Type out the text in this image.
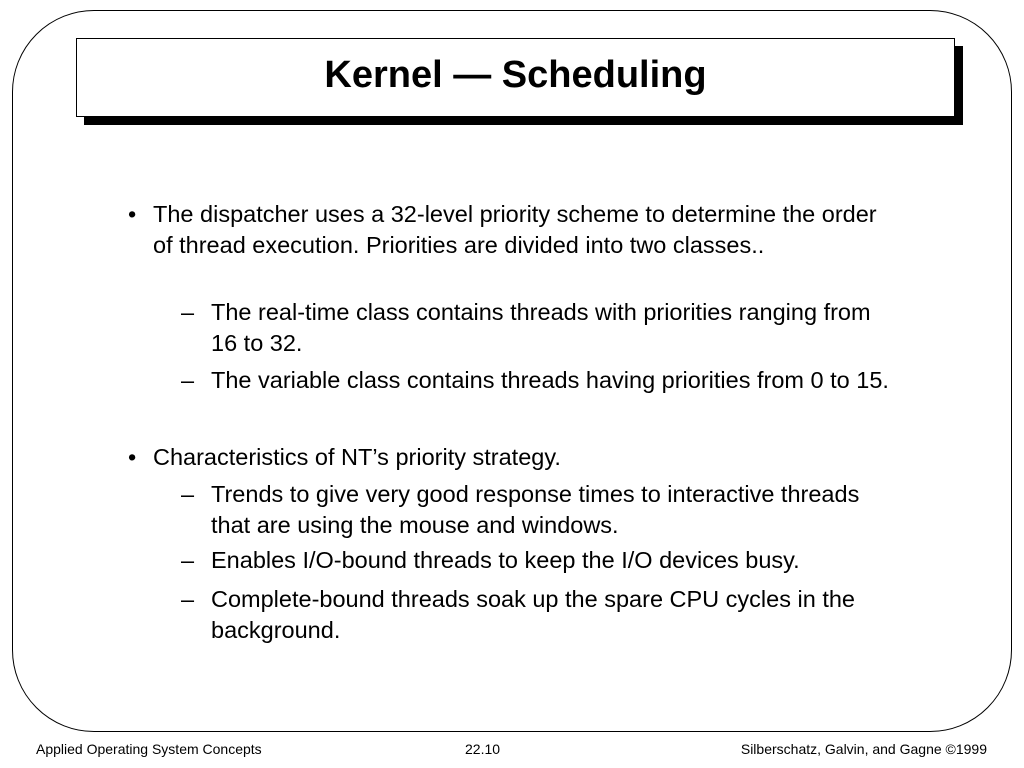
Kernel — Scheduling
• The dispatcher uses a 32-level priority scheme to determine the order of thread execution. Priorities are divided into two classes..
– The real-time class contains threads with priorities ranging from 16 to 32.
– The variable class contains threads having priorities from 0 to 15.
• Characteristics of NT’s priority strategy.
– Trends to give very good response times to interactive threads that are using the mouse and windows.
– Enables I/O-bound threads to keep the I/O devices busy.
– Complete-bound threads soak up the spare CPU cycles in the background.
Applied Operating System Concepts	22.10	Silberschatz, Galvin, and Gagne ©1999
